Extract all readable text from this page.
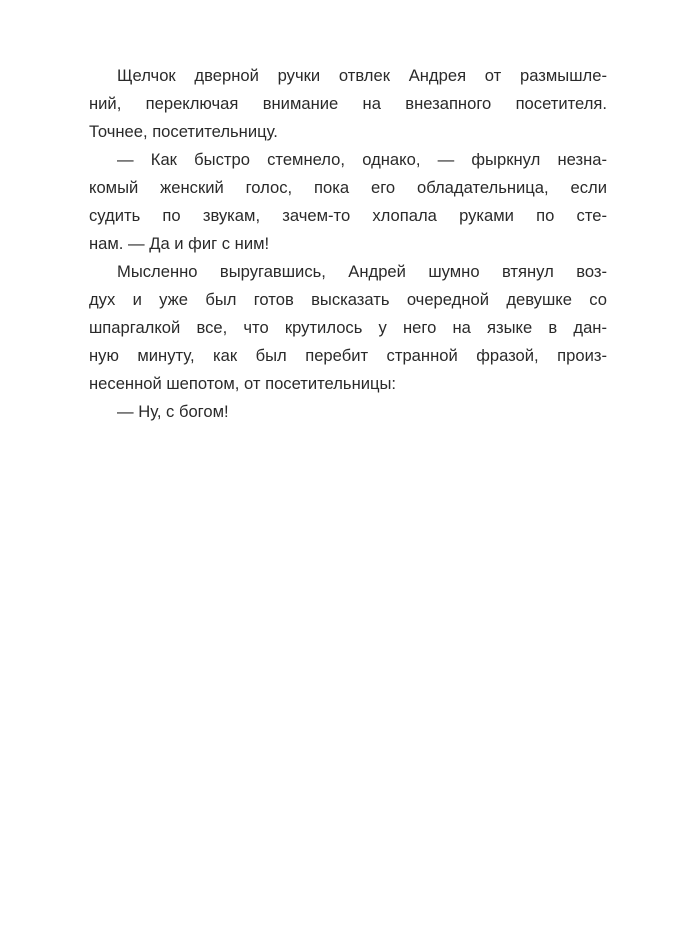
Щелчок дверной ручки отвлек Андрея от размышле-
ний, переключая внимание на внезапного посетителя.
Точнее, посетительницу.
— Как быстро стемнело, однако, — фыркнул незна-
комый женский голос, пока его обладательница, если
судить по звукам, зачем-то хлопала руками по сте-
нам. — Да и фиг с ним!
Мысленно выругавшись, Андрей шумно втянул воз-
дух и уже был готов высказать очередной девушке со
шпаргалкой все, что крутилось у него на языке в дан-
ную минуту, как был перебит странной фразой, произ-
несенной шепотом, от посетительницы:
— Ну, с богом!
